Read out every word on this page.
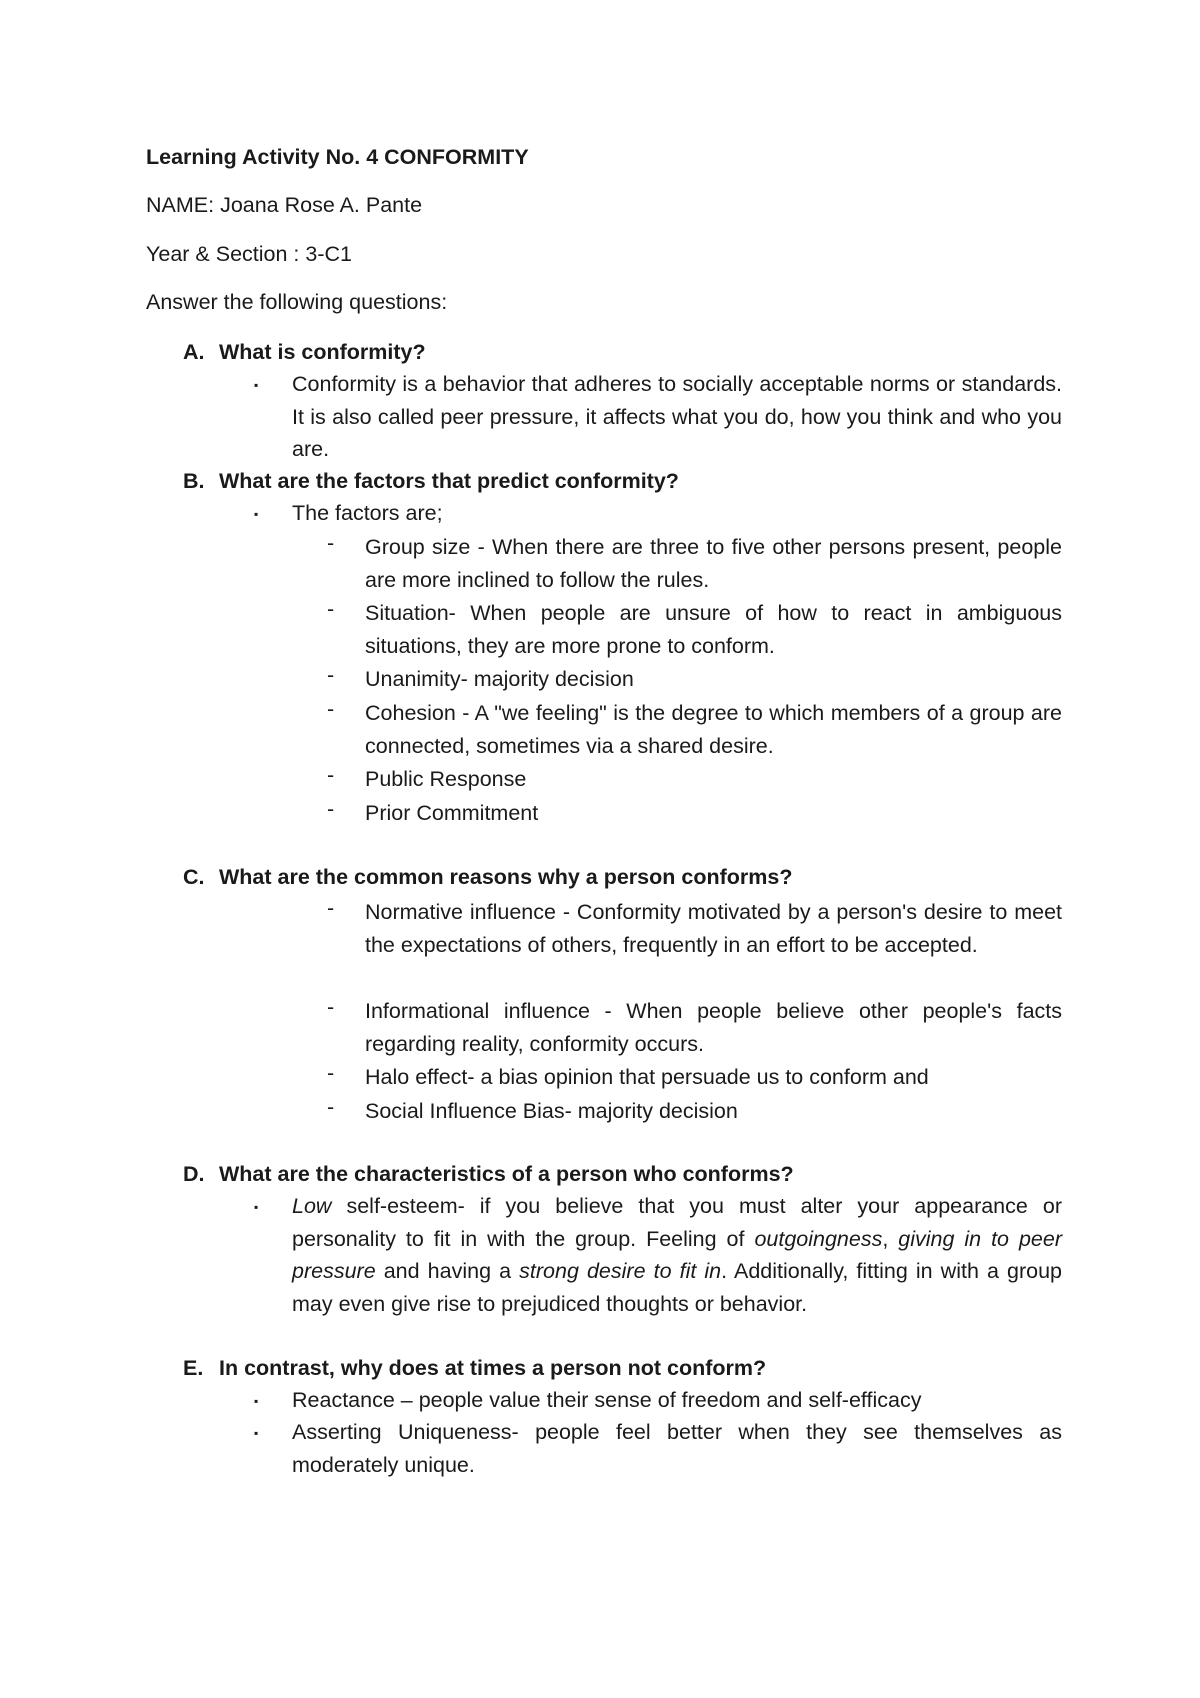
Learning Activity No. 4 CONFORMITY

NAME: Joana Rose A. Pante

Year & Section : 3-C1

Answer the following questions:

A. What is conformity?

▪ Conformity is a behavior that adheres to socially acceptable norms or standards. It is also called peer pressure, it affects what you do, how you think and who you are.

B. What are the factors that predict conformity?

▪ The factors are;

- Group size - When there are three to five other persons present, people are more inclined to follow the rules.

- Situation- When people are unsure of how to react in ambiguous situations, they are more prone to conform.

- Unanimity- majority decision

- Cohesion - A "we feeling" is the degree to which members of a group are connected, sometimes via a shared desire.

- Public Response

- Prior Commitment

C. What are the common reasons why a person conforms?

- Normative influence - Conformity motivated by a person's desire to meet the expectations of others, frequently in an effort to be accepted.

- Informational influence - When people believe other people's facts regarding reality, conformity occurs.

- Halo effect- a bias opinion that persuade us to conform and

- Social Influence Bias- majority decision

D. What are the characteristics of a person who conforms?

▪ Low self-esteem- if you believe that you must alter your appearance or personality to fit in with the group. Feeling of outgoingness, giving in to peer pressure and having a strong desire to fit in. Additionally, fitting in with a group may even give rise to prejudiced thoughts or behavior.

E. In contrast, why does at times a person not conform?

▪ Reactance – people value their sense of freedom and self-efficacy

▪ Asserting Uniqueness- people feel better when they see themselves as moderately unique.
